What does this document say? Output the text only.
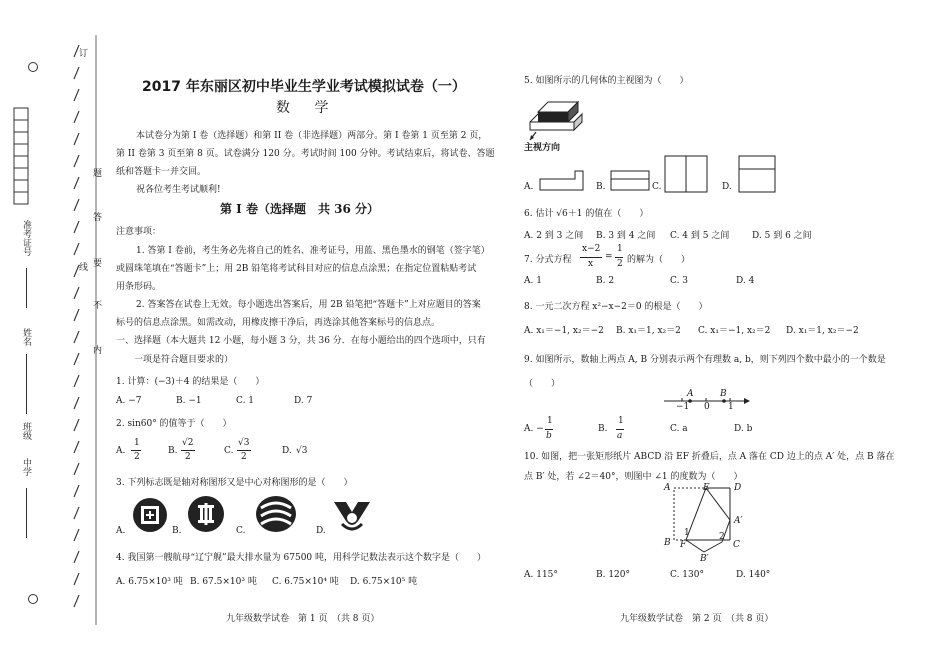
准考证号
姓名
班级
中学
订
线
内
不
要
答
题
2017 年东丽区初中毕业生学业考试模拟试卷（一）
数 学
本试卷分为第 I 卷（选择题）和第 II 卷（非选择题）两部分。第 I 卷第 1 页至第 2 页，
第 II 卷第 3 页至第 8 页。试卷满分 120 分。考试时间 100 分钟。考试结束后，将试卷、答题
纸和答题卡一并交回。
祝各位考生考试顺利!
第 I 卷（选择题　共 36 分）
注意事项：
1. 答第 I 卷前，考生务必先将自己的姓名、准考证号，用蓝、黑色墨水的钢笔（签字笔）
或圆珠笔填在“答题卡”上；用 2B 铅笔将考试科目对应的信息点涂黑；在指定位置粘贴考试
用条形码。
2. 答案答在试卷上无效。每小题选出答案后，用 2B 铅笔把“答题卡”上对应题目的答案
标号的信息点涂黑。如需改动，用橡皮擦干净后，再选涂其他答案标号的信息点。
一、选择题（本大题共 12 小题，每小题 3 分，共 36 分．在每小题给出的四个选项中，只有
一项是符合题目要求的）
1. 计算：(−3)＋4 的结果是（　　）
A. −7	B. −1	C. 1	D. 7
2. sin60° 的值等于（　　）
A.
1
2
B.
√2
2
C.
√3
2
D. √3
3. 下列标志既是轴对称图形又是中心对称图形的是（　　）
A.	B.	C.	D.
4. 我国第一艘航母“辽宁舰”最大排水量为 67500 吨，用科学记数法表示这个数字是（　　）
A. 6.75×10³ 吨 B. 67.5×10³ 吨 C. 6.75×10⁴ 吨 D. 6.75×10⁵ 吨
九年级数学试卷　第 1 页　（共 8 页）
5. 如图所示的几何体的主视图为（　　）
主视方向
A.	B.	C.	D.
6. 估计 √6＋1 的值在（　　）
A. 2 到 3 之间 B. 3 到 4 之间 C. 4 到 5 之间	D. 5 到 6 之间
7. 分式方程
x−2
x
=
1
2 的解为（　　）
A. 1	B. 2	C. 3	D. 4
8. 一元二次方程 x²−x−2＝0 的根是（　　）
A. x₁＝−1, x₂＝−2 B. x₁＝1, x₂＝2 C. x₁＝−1, x₂＝2 D. x₁＝1, x₂＝−2
9. 如图所示，数轴上两点 A, B 分别表示两个有理数 a, b，则下列四个数中最小的一个数是
（　　）
A	B
−1 0 1
A. −
1
b
B.
1
a
C. a	D. b
10. 如图，把一张矩形纸片 ABCD 沿 EF 折叠后，点 A 落在 CD 边上的点 A′ 处，点 B 落在
点 B′ 处，若 ∠2＝40°，则图中 ∠1 的度数为（　　）
E	D
A
A′
B F	C
B′
1	2
A. 115°	B. 120°	C. 130°	D. 140°
九年级数学试卷　第 2 页　（共 8 页）
